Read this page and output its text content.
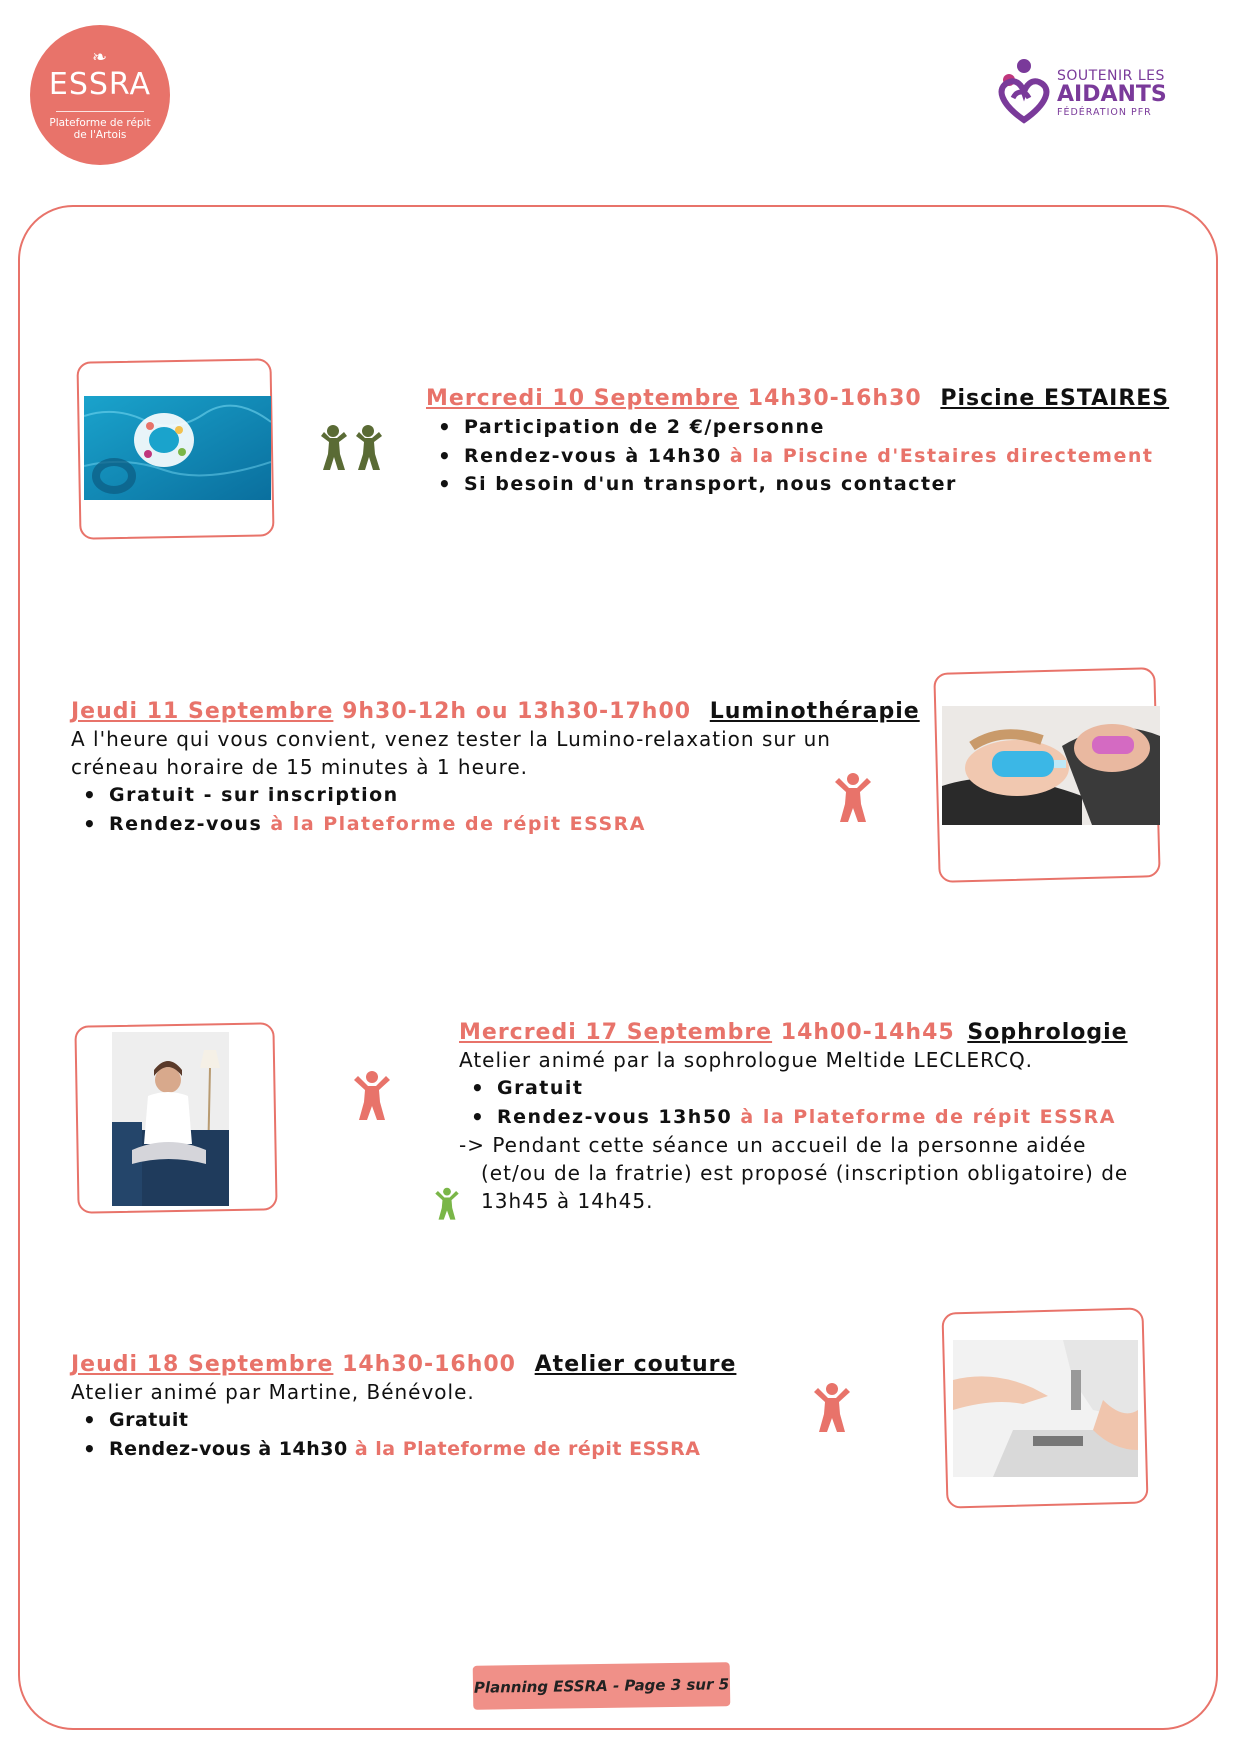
❧
ESSRA
Plateforme de répit
de l'Artois
SOUTENIR LES
AIDANTS
FÉDÉRATION PFR
Mercredi 10 Septembre 14h30-16h30 Piscine ESTAIRES
• Participation de 2 €/personne
• Rendez-vous à 14h30 à la Piscine d'Estaires directement
• Si besoin d'un transport, nous contacter
Jeudi 11 Septembre 9h30-12h ou 13h30-17h00 Luminothérapie
A l'heure qui vous convient, venez tester la Lumino-relaxation sur un
créneau horaire de 15 minutes à 1 heure.
• Gratuit - sur inscription
• Rendez-vous à la Plateforme de répit ESSRA
Mercredi 17 Septembre 14h00-14h45 Sophrologie
Atelier animé par la sophrologue Meltide LECLERCQ.
• Gratuit
• Rendez-vous 13h50 à la Plateforme de répit ESSRA
-> Pendant cette séance un accueil de la personne aidée
(et/ou de la fratrie) est proposé (inscription obligatoire) de
13h45 à 14h45.
Jeudi 18 Septembre 14h30-16h00 Atelier couture
Atelier animé par Martine, Bénévole.
• Gratuit
• Rendez-vous à 14h30 à la Plateforme de répit ESSRA
Planning ESSRA - Page 3 sur 5
